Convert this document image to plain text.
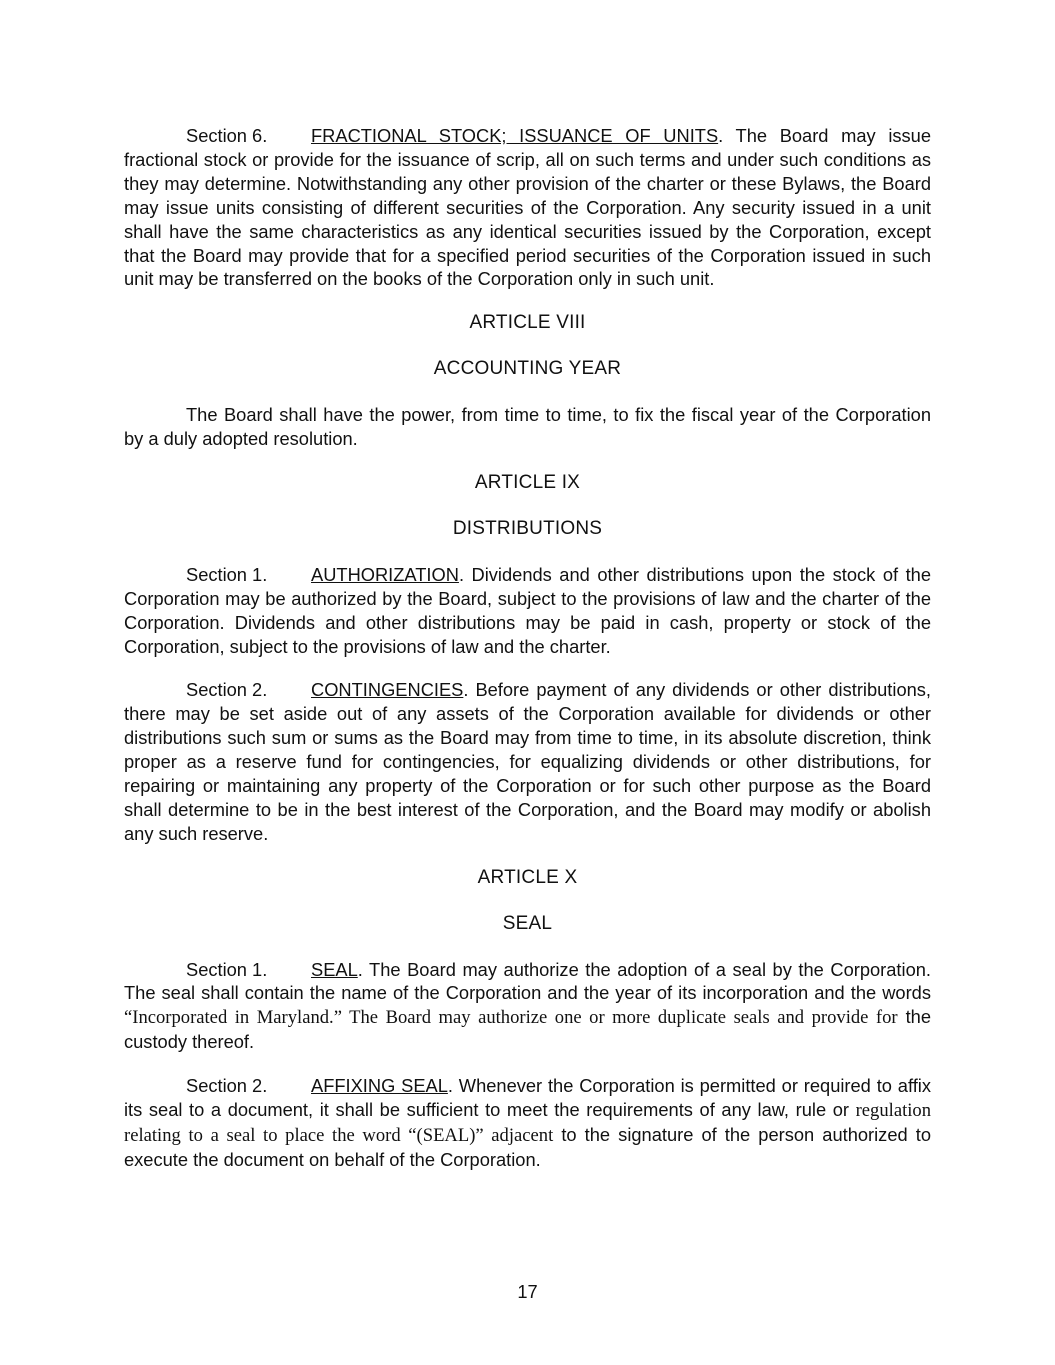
Section 6. FRACTIONAL STOCK; ISSUANCE OF UNITS. The Board may issue fractional stock or provide for the issuance of scrip, all on such terms and under such conditions as they may determine. Notwithstanding any other provision of the charter or these Bylaws, the Board may issue units consisting of different securities of the Corporation. Any security issued in a unit shall have the same characteristics as any identical securities issued by the Corporation, except that the Board may provide that for a specified period securities of the Corporation issued in such unit may be transferred on the books of the Corporation only in such unit.

ARTICLE VIII
ACCOUNTING YEAR

The Board shall have the power, from time to time, to fix the fiscal year of the Corporation by a duly adopted resolution.

ARTICLE IX
DISTRIBUTIONS

Section 1. AUTHORIZATION. Dividends and other distributions upon the stock of the Corporation may be authorized by the Board, subject to the provisions of law and the charter of the Corporation. Dividends and other distributions may be paid in cash, property or stock of the Corporation, subject to the provisions of law and the charter.

Section 2. CONTINGENCIES. Before payment of any dividends or other distributions, there may be set aside out of any assets of the Corporation available for dividends or other distributions such sum or sums as the Board may from time to time, in its absolute discretion, think proper as a reserve fund for contingencies, for equalizing dividends or other distributions, for repairing or maintaining any property of the Corporation or for such other purpose as the Board shall determine to be in the best interest of the Corporation, and the Board may modify or abolish any such reserve.

ARTICLE X
SEAL

Section 1. SEAL. The Board may authorize the adoption of a seal by the Corporation. The seal shall contain the name of the Corporation and the year of its incorporation and the words “Incorporated in Maryland.” The Board may authorize one or more duplicate seals and provide for the custody thereof.

Section 2. AFFIXING SEAL. Whenever the Corporation is permitted or required to affix its seal to a document, it shall be sufficient to meet the requirements of any law, rule or regulation relating to a seal to place the word “(SEAL)” adjacent to the signature of the person authorized to execute the document on behalf of the Corporation.

17
